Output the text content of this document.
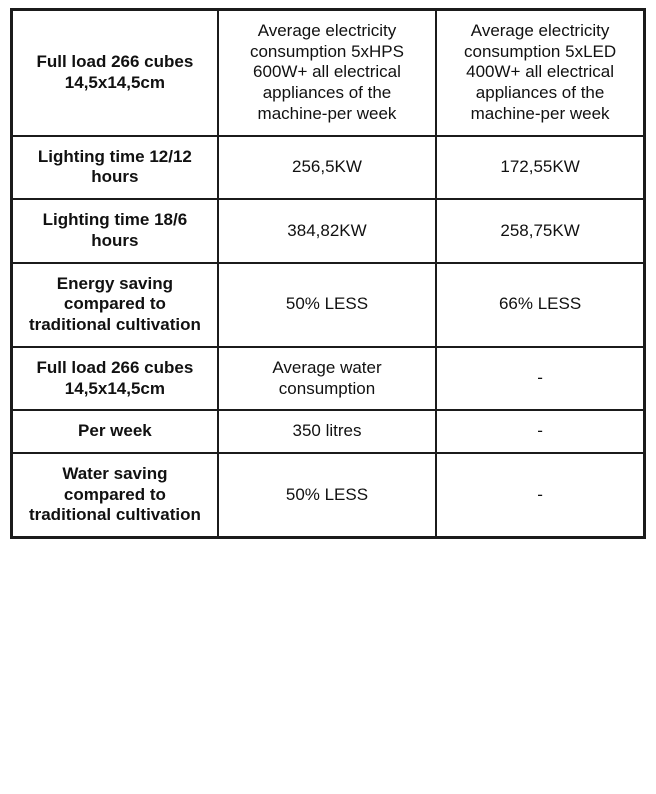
Full load 266 cubes 14,5x14,5cm	Average electricity consumption 5xHPS 600W+ all electrical appliances of the machine-per week	Average electricity consumption 5xLED 400W+ all electrical appliances of the machine-per week
Lighting time 12/12 hours	256,5KW	172,55KW
Lighting time 18/6 hours	384,82KW	258,75KW
Energy saving compared to traditional cultivation	50% LESS	66% LESS
Full load 266 cubes 14,5x14,5cm	Average water consumption	-
Per week	350 litres	-
Water saving compared to traditional cultivation	50% LESS	-
